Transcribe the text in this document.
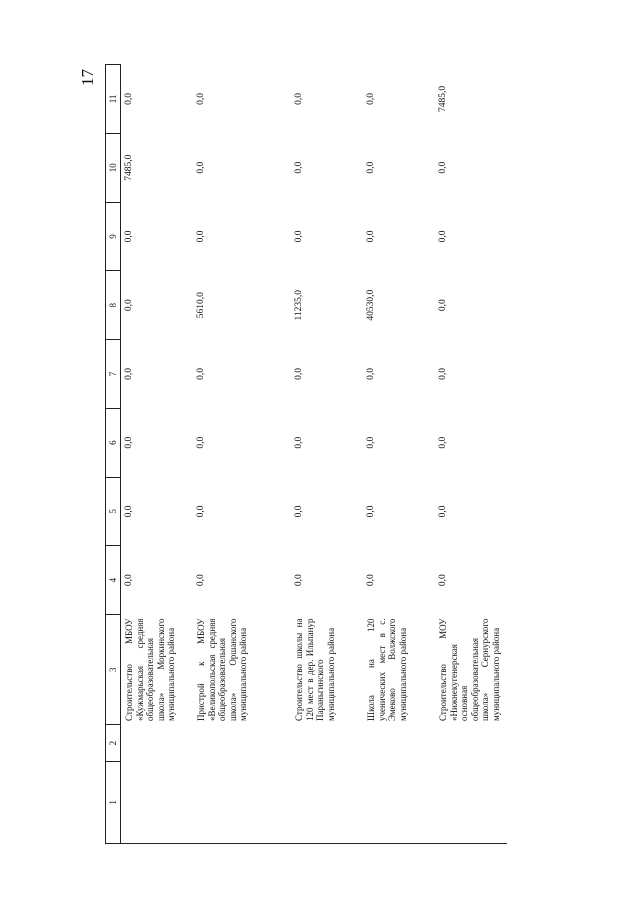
17
1	2	3	4	5	6	7	8	9	10	11
		Строительство МБОУ «Кужмарьская средняя общеобразовательная школа» Моркинского муниципального района	0,0	0,0	0,0	0,0	0,0	0,0	7485,0	0,0
		Пристрой к МБОУ «Великопольская средняя общеобразовательная школа» Оршанского муниципального района	0,0	0,0	0,0	0,0	5610,0	0,0	0,0	0,0
		Строительство школы на 120 мест в дер. Ильпанур Параньгинского муниципального района	0,0	0,0	0,0	0,0	11235,0	0,0	0,0	0,0
		Школа на 120 ученических мест в с. Эмеково Волжского муниципального района	0,0	0,0	0,0	0,0	40530,0	0,0	0,0	0,0
		Строительство МОУ «Нижнекугенерская основная общеобразовательная школа» Сернурского муниципального района	0,0	0,0	0,0	0,0	0,0	0,0	0,0	7485,0
